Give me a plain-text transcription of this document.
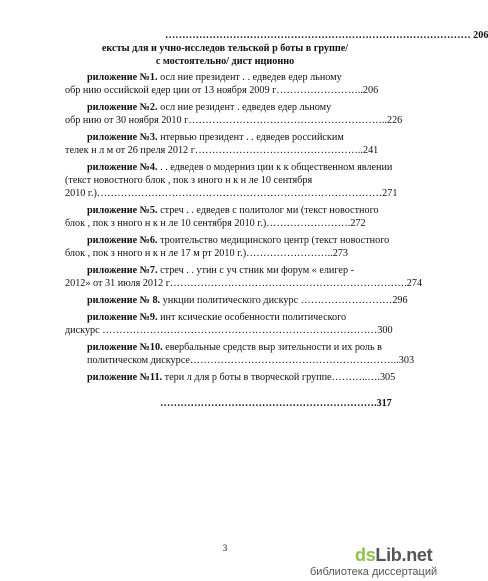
……………………………………………………………………………… 206
ексты для и учно-исследов тельской р боты в группе/
с мостоятельно/ дист нционно
риложение №1. осл ние президент . . едведев едер льному
обр нию оссийской едер ции от 13 ноября 2009 г……………………..206
риложение №2. осл ние резидент . едведев едер льному
обр нию от 30 ноября 2010 г…………………………………………………..226
риложение №3. нтервью президент . . едведев российским
телек н л м от 26 преля 2012 г…………………………………………..241
риложение №4. . . едведев о модерниз ции к к общественном явлении
(текст новостного блок , пок з иного н к н ле 10 сентября
2010 г.)…………………………………………………………………………271
риложение №5. стреч . . едведев с политолог ми (текст новостного
блок , пок з нного н к н ле 10 сентября 2010 г.)…………………….272
риложение №6. троительство медицинского центр (текст новостного
блок , пок з нного н к н ле 17 м рт 2010 г.)……………………..273
риложение №7. стреч . . утин с уч стник ми форум « елигер -
2012» от 31 июля 2012 г…………………………………………………………….274
риложение № 8. ункции политического дискурс ………………………296
риложение №9. инт ксические особенности политического
дискурс ………………………………………………………………………300
риложение №10. евербальные средств выр зительности и их роль в
политическом дискурсе……………………………………………………..303
риложение №11. тери л для р боты в творческой группе………..….305
……………………………………………………….317
3	dsLib.net
библиотека диссертаций
